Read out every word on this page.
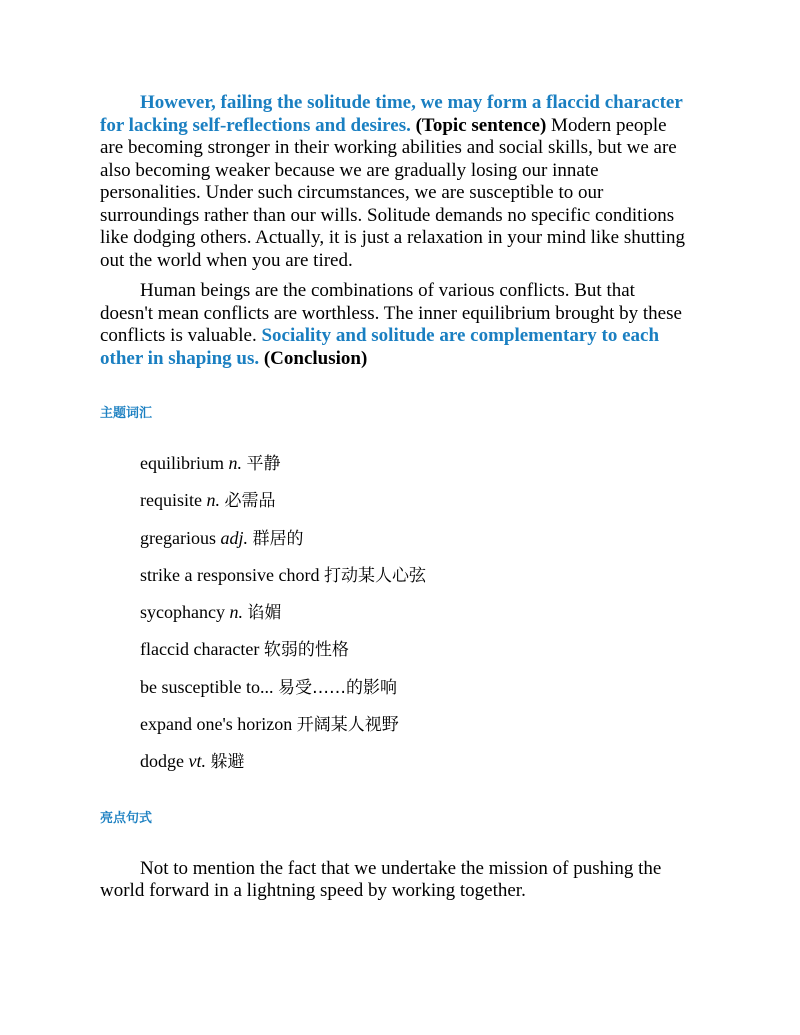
However, failing the solitude time, we may form a flaccid character for lacking self-reflections and desires. (Topic sentence) Modern people are becoming stronger in their working abilities and social skills, but we are also becoming weaker because we are gradually losing our innate personalities. Under such circumstances, we are susceptible to our surroundings rather than our wills. Solitude demands no specific conditions like dodging others. Actually, it is just a relaxation in your mind like shutting out the world when you are tired.

Human beings are the combinations of various conflicts. But that doesn't mean conflicts are worthless. The inner equilibrium brought by these conflicts is valuable. Sociality and solitude are complementary to each other in shaping us. (Conclusion)

主题词汇
equilibrium n. 平静
requisite n. 必需品
gregarious adj. 群居的
strike a responsive chord 打动某人心弦
sycophancy n. 谄媚
flaccid character 软弱的性格
be susceptible to... 易受……的影响
expand one's horizon 开阔某人视野
dodge vt. 躲避
亮点句式

Not to mention the fact that we undertake the mission of pushing the world forward in a lightning speed by working together.
